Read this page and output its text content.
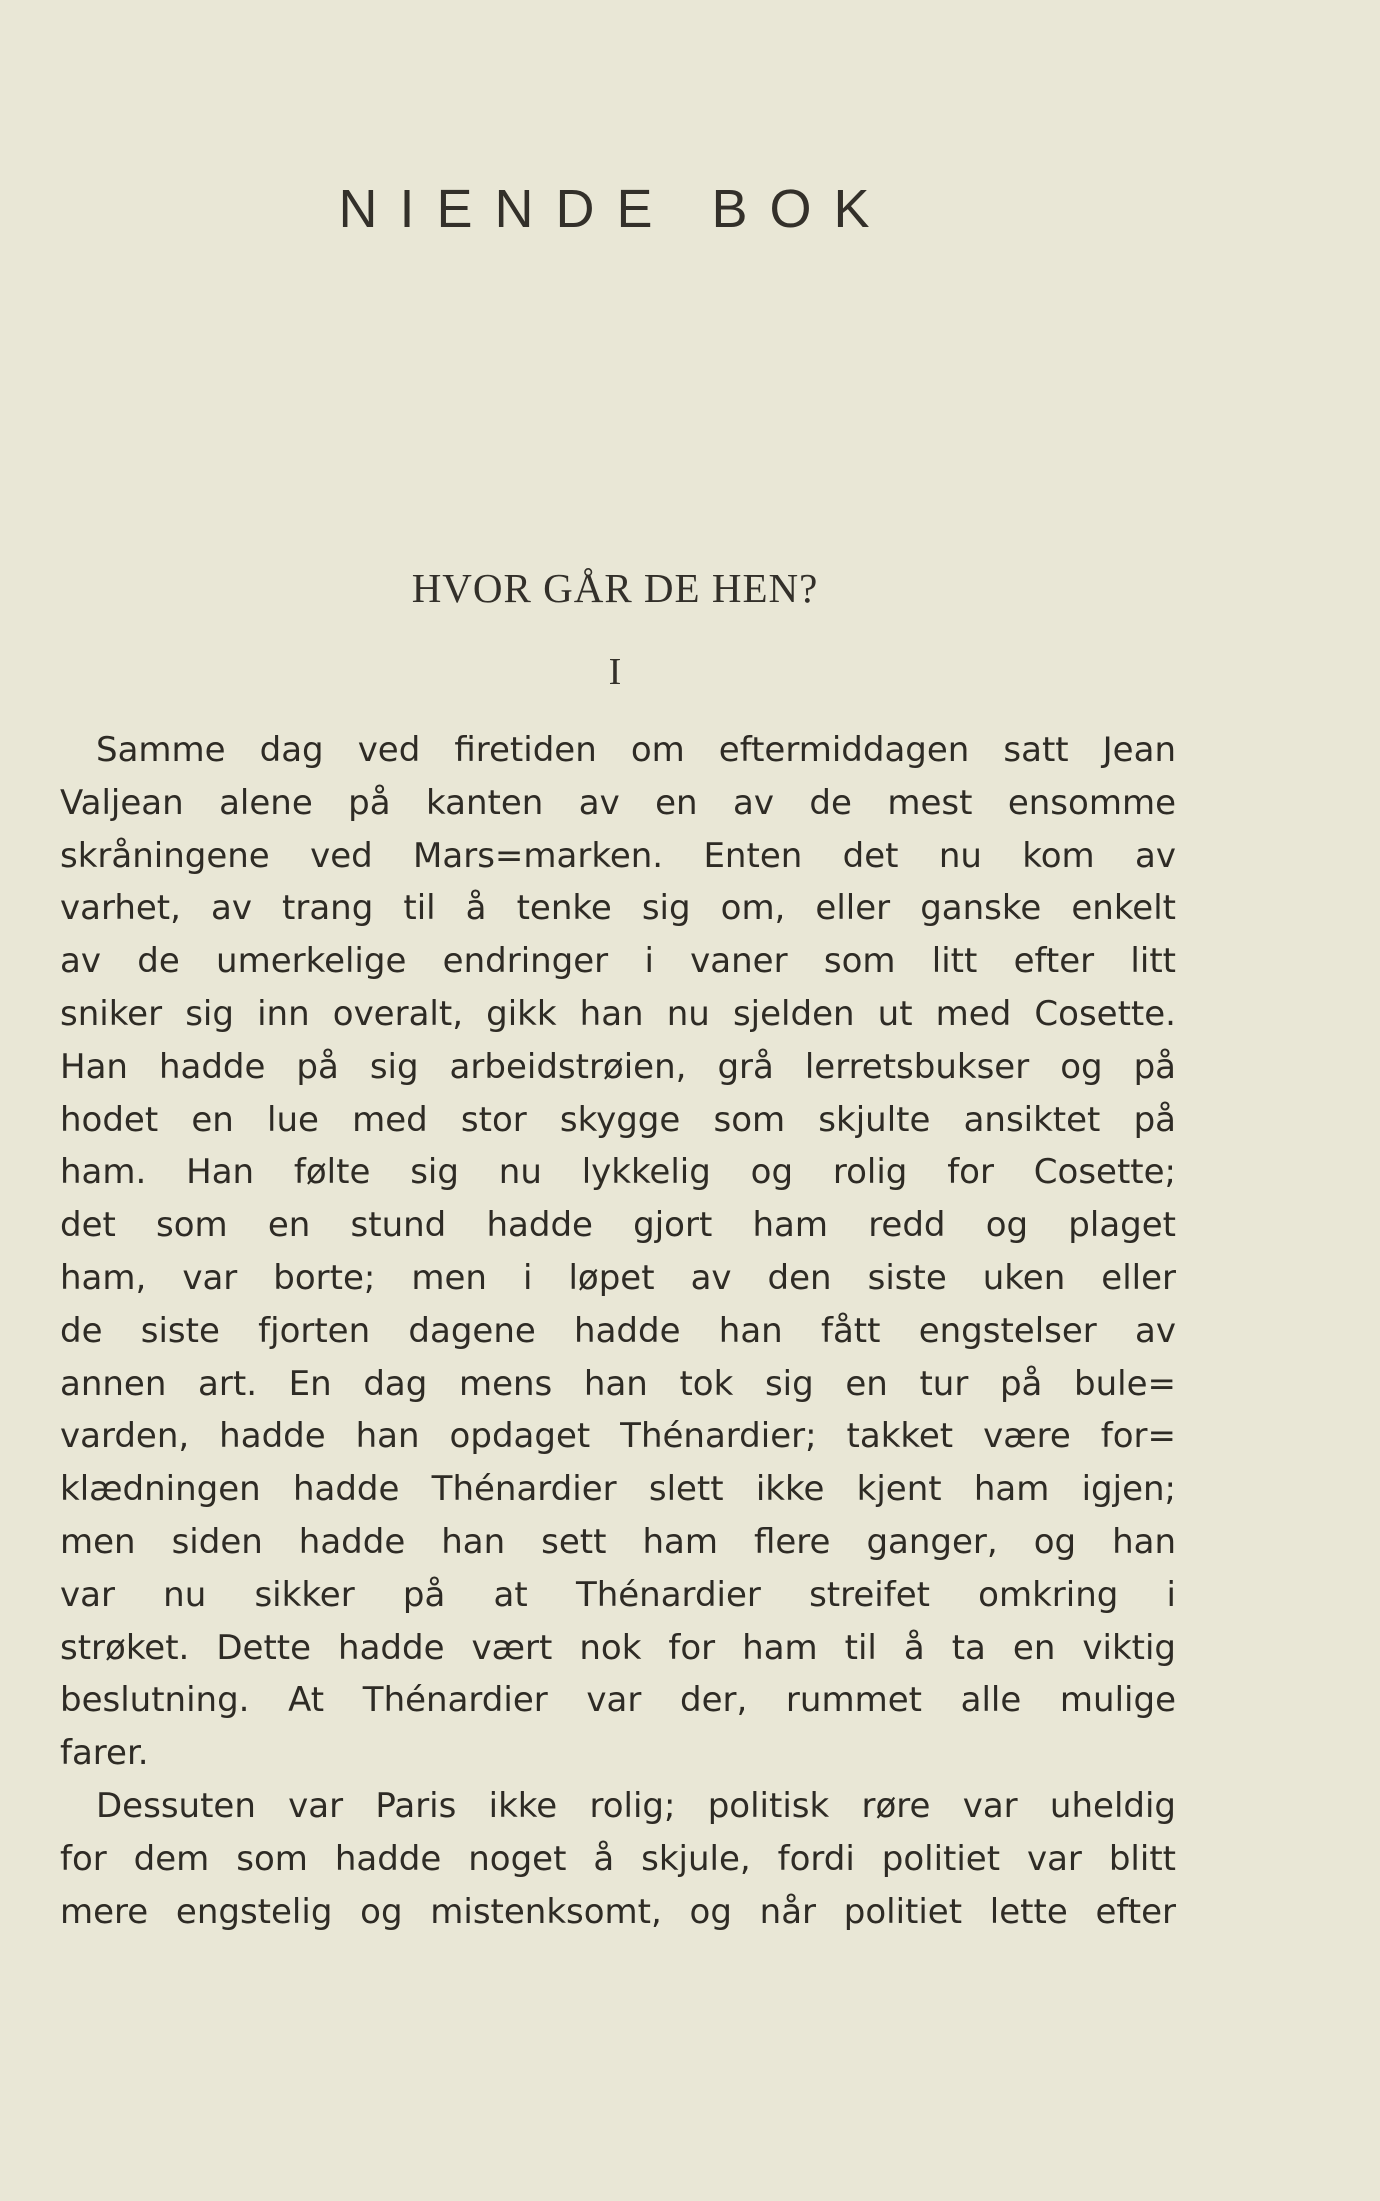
NIENDE BOK
HVOR GÅR DE HEN?
I
Samme dag ved firetiden om eftermiddagen satt Jean
Valjean alene på kanten av en av de mest ensomme
skråningene ved Mars=marken. Enten det nu kom av
varhet, av trang til å tenke sig om, eller ganske enkelt
av de umerkelige endringer i vaner som litt efter litt
sniker sig inn overalt, gikk han nu sjelden ut med Cosette.
Han hadde på sig arbeidstrøien, grå lerretsbukser og på
hodet en lue med stor skygge som skjulte ansiktet på
ham. Han følte sig nu lykkelig og rolig for Cosette;
det som en stund hadde gjort ham redd og plaget
ham, var borte; men i løpet av den siste uken eller
de siste fjorten dagene hadde han fått engstelser av
annen art. En dag mens han tok sig en tur på bule=
varden, hadde han opdaget Thénardier; takket være for=
klædningen hadde Thénardier slett ikke kjent ham igjen;
men siden hadde han sett ham flere ganger, og han
var nu sikker på at Thénardier streifet omkring i
strøket. Dette hadde vært nok for ham til å ta en viktig
beslutning. At Thénardier var der, rummet alle mulige
farer.
Dessuten var Paris ikke rolig; politisk røre var uheldig
for dem som hadde noget å skjule, fordi politiet var blitt
mere engstelig og mistenksomt, og når politiet lette efter
